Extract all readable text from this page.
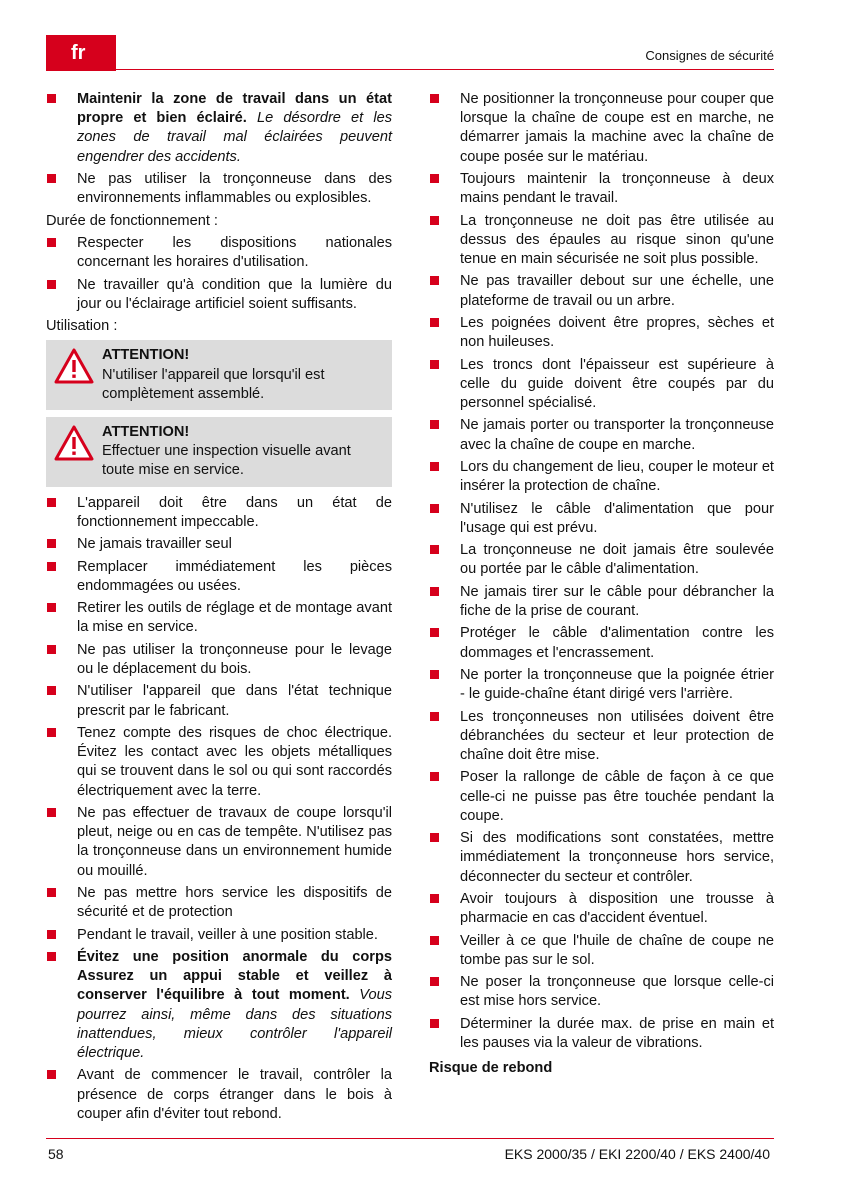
fr	Consignes de sécurité
Maintenir la zone de travail dans un état propre et bien éclairé. Le désordre et les zones de travail mal éclairées peuvent engendrer des accidents.
Ne pas utiliser la tronçonneuse dans des environnements inflammables ou explosibles.

Durée de fonctionnement :

Respecter les dispositions nationales concernant les horaires d'utilisation.
Ne travailler qu'à condition que la lumière du jour ou l'éclairage artificiel soient suffisants.

Utilisation :

ATTENTION!
N'utiliser l'appareil que lorsqu'il est complètement assemblé.
ATTENTION!
Effectuer une inspection visuelle avant toute mise en service.
L'appareil doit être dans un état de fonctionnement impeccable.
Ne jamais travailler seul
Remplacer immédiatement les pièces endommagées ou usées.
Retirer les outils de réglage et de montage avant la mise en service.
Ne pas utiliser la tronçonneuse pour le levage ou le déplacement du bois.
N'utiliser l'appareil que dans l'état technique prescrit par le fabricant.
Tenez compte des risques de choc électrique. Évitez les contact avec les objets métalliques qui se trouvent dans le sol ou qui sont raccordés électriquement avec la terre.
Ne pas effectuer de travaux de coupe lorsqu'il pleut, neige ou en cas de tempête. N'utilisez pas la tronçonneuse dans un environnement humide ou mouillé.
Ne pas mettre hors service les dispositifs de sécurité et de protection
Pendant le travail, veiller à une position stable.
Évitez une position anormale du corps Assurez un appui stable et veillez à conserver l'équilibre à tout moment. Vous pourrez ainsi, même dans des situations inattendues, mieux contrôler l'appareil électrique.
Avant de commencer le travail, contrôler la présence de corps étranger dans le bois à couper afin d'éviter tout rebond.
Ne positionner la tronçonneuse pour couper que lorsque la chaîne de coupe est en marche, ne démarrer jamais la machine avec la chaîne de coupe posée sur le matériau.
Toujours maintenir la tronçonneuse à deux mains pendant le travail.
La tronçonneuse ne doit pas être utilisée au dessus des épaules au risque sinon qu'une tenue en main sécurisée ne soit plus possible.
Ne pas travailler debout sur une échelle, une plateforme de travail ou un arbre.
Les poignées doivent être propres, sèches et non huileuses.
Les troncs dont l'épaisseur est supérieure à celle du guide doivent être coupés par du personnel spécialisé.
Ne jamais porter ou transporter la tronçonneuse avec la chaîne de coupe en marche.
Lors du changement de lieu, couper le moteur et insérer la protection de chaîne.
N'utilisez le câble d'alimentation que pour l'usage qui est prévu.
La tronçonneuse ne doit jamais être soulevée ou portée par le câble d'alimentation.
Ne jamais tirer sur le câble pour débrancher la fiche de la prise de courant.
Protéger le câble d'alimentation contre les dommages et l'encrassement.
Ne porter la tronçonneuse que la poignée étrier - le guide-chaîne étant dirigé vers l'arrière.
Les tronçonneuses non utilisées doivent être débranchées du secteur et leur protection de chaîne doit être mise.
Poser la rallonge de câble de façon à ce que celle-ci ne puisse pas être touchée pendant la coupe.
Si des modifications sont constatées, mettre immédiatement la tronçonneuse hors service, déconnecter du secteur et contrôler.
Avoir toujours à disposition une trousse à pharmacie en cas d'accident éventuel.
Veiller à ce que l'huile de chaîne de coupe ne tombe pas sur le sol.
Ne poser la tronçonneuse que lorsque celle-ci est mise hors service.
Déterminer la durée max. de prise en main et les pauses via la valeur de vibrations.
Risque de rebond
58	EKS 2000/35 / EKI 2200/40 / EKS 2400/40
